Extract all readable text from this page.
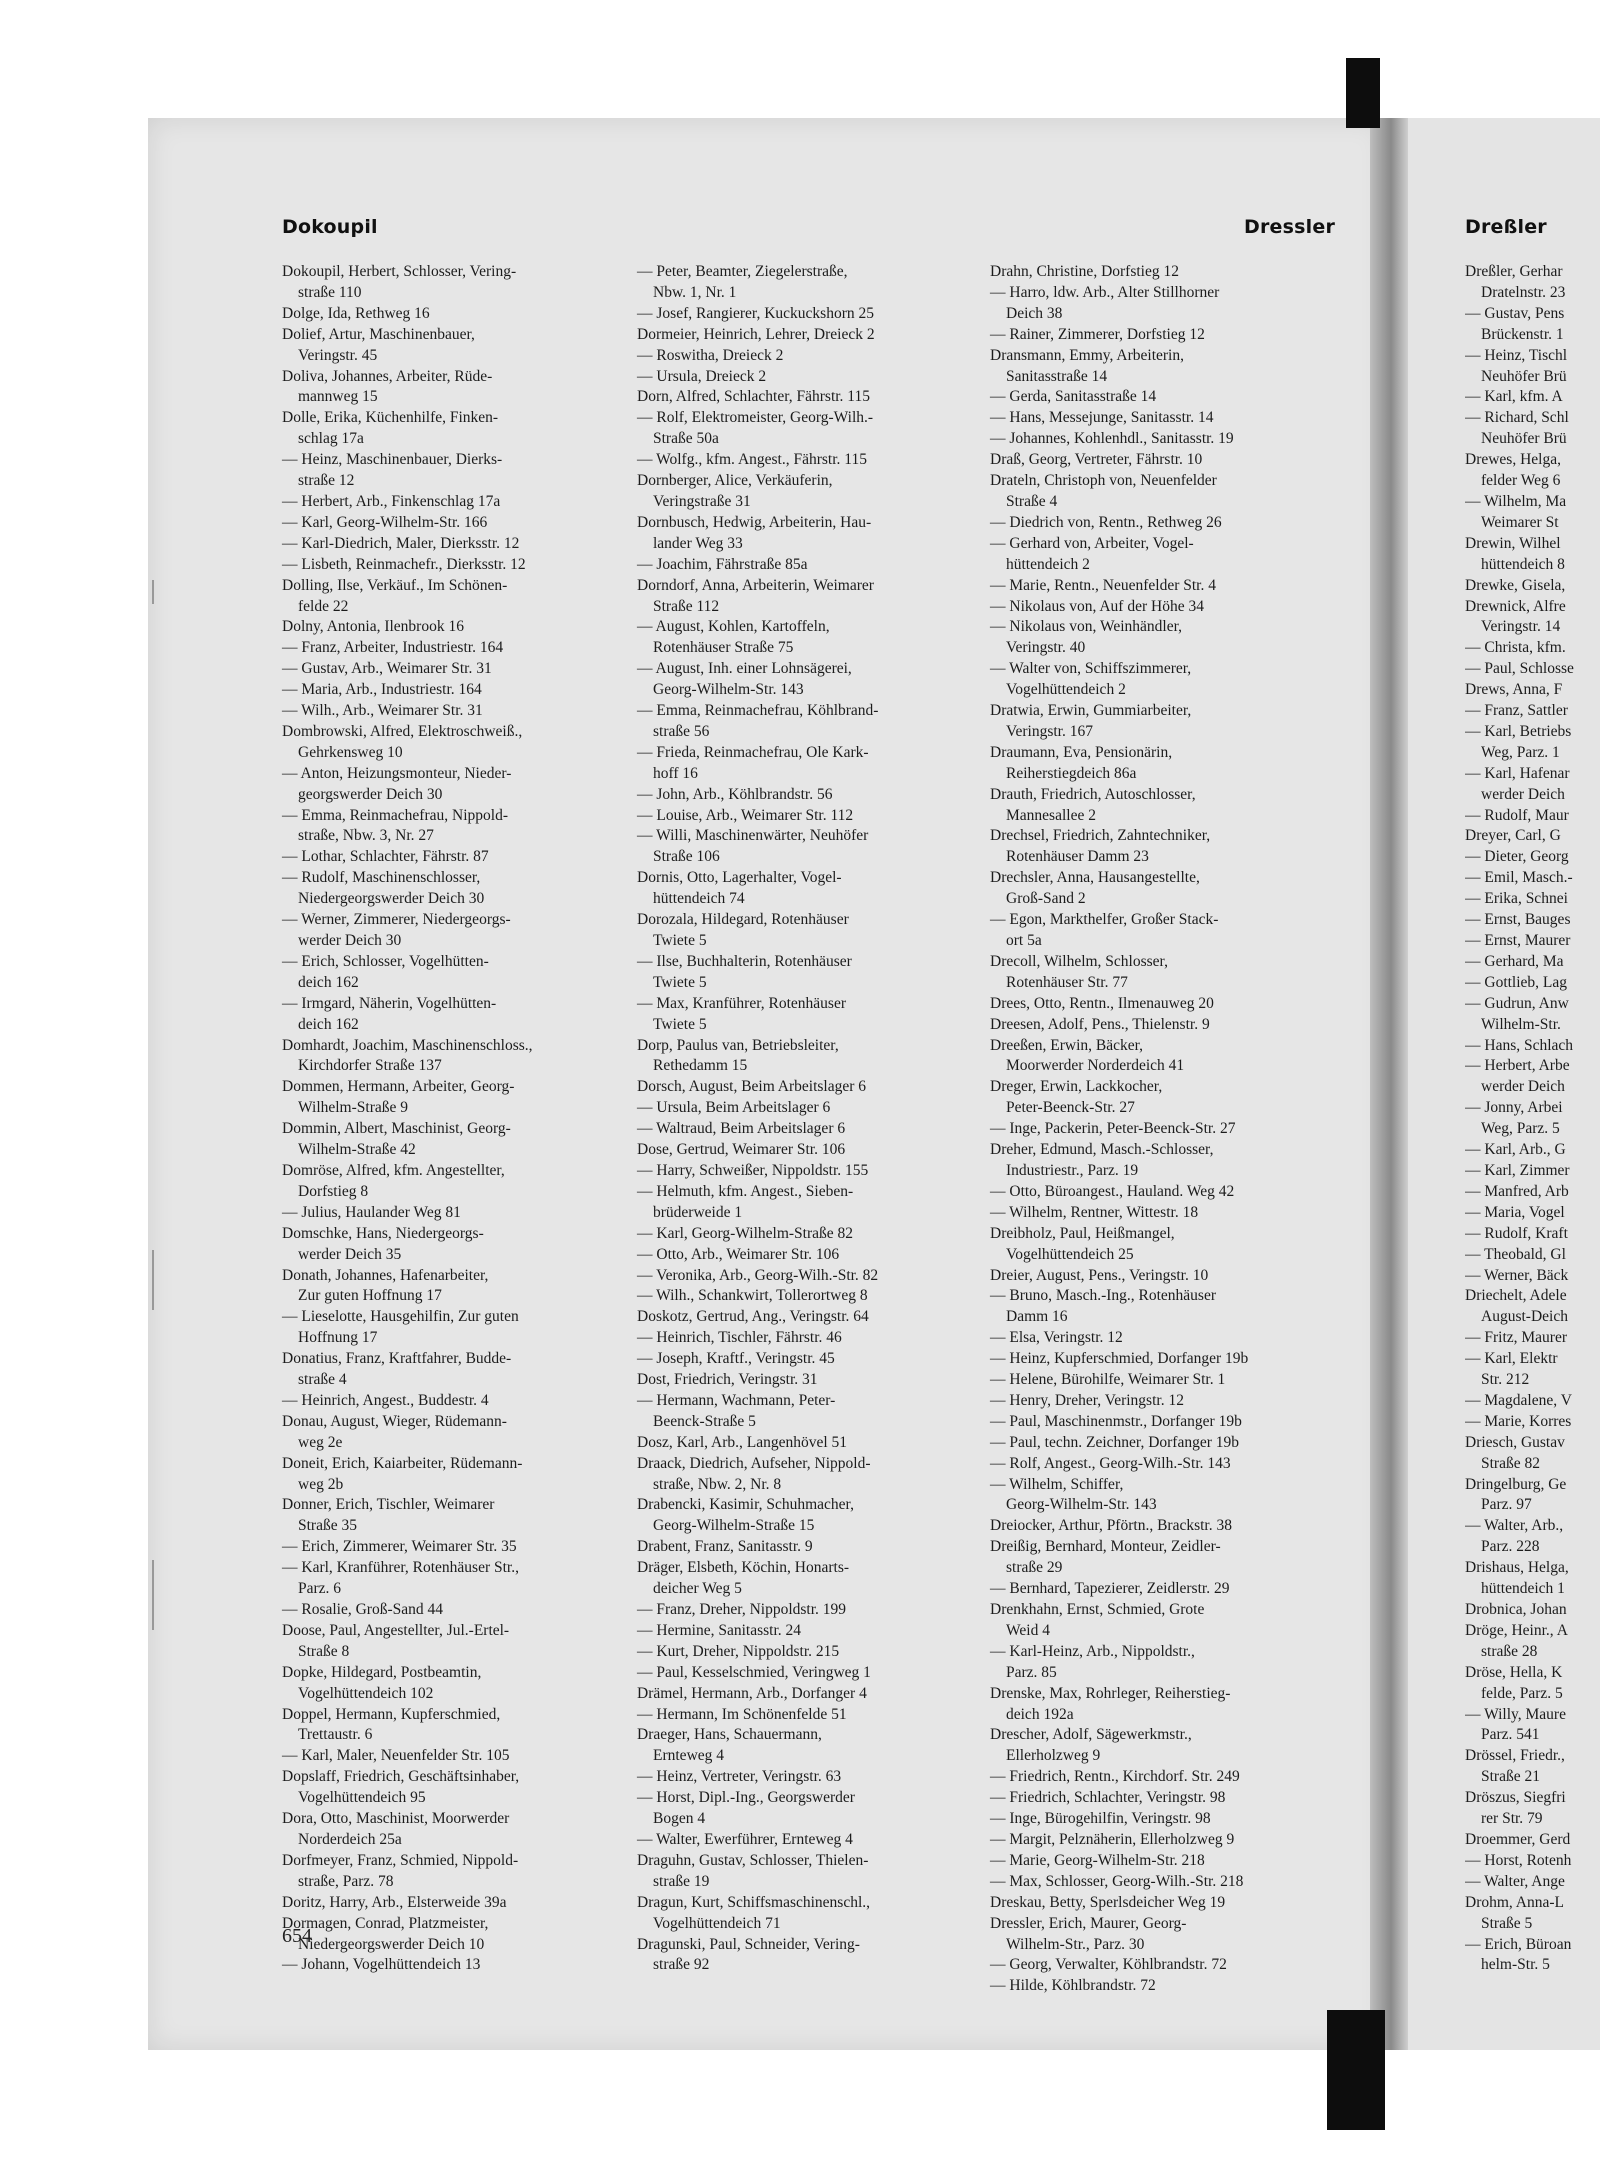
Dokoupil	Dressler	Dreßler
Dokoupil, Herbert, Schlosser, Vering-
straße 110
Dolge, Ida, Rethweg 16
Dolief, Artur, Maschinenbauer,
Veringstr. 45
Doliva, Johannes, Arbeiter, Rüde-
mannweg 15
Dolle, Erika, Küchenhilfe, Finken-
schlag 17a
— Heinz, Maschinenbauer, Dierks-
straße 12
— Herbert, Arb., Finkenschlag 17a
— Karl, Georg-Wilhelm-Str. 166
— Karl-Diedrich, Maler, Dierksstr. 12
— Lisbeth, Reinmachefr., Dierksstr. 12
Dolling, Ilse, Verkäuf., Im Schönen-
felde 22
Dolny, Antonia, Ilenbrook 16
— Franz, Arbeiter, Industriestr. 164
— Gustav, Arb., Weimarer Str. 31
— Maria, Arb., Industriestr. 164
— Wilh., Arb., Weimarer Str. 31
Dombrowski, Alfred, Elektroschweiß.,
Gehrkensweg 10
— Anton, Heizungsmonteur, Nieder-
georgswerder Deich 30
— Emma, Reinmachefrau, Nippold-
straße, Nbw. 3, Nr. 27
— Lothar, Schlachter, Fährstr. 87
— Rudolf, Maschinenschlosser,
Niedergeorgswerder Deich 30
— Werner, Zimmerer, Niedergeorgs-
werder Deich 30
— Erich, Schlosser, Vogelhütten-
deich 162
— Irmgard, Näherin, Vogelhütten-
deich 162
Domhardt, Joachim, Maschinenschloss.,
Kirchdorfer Straße 137
Dommen, Hermann, Arbeiter, Georg-
Wilhelm-Straße 9
Dommin, Albert, Maschinist, Georg-
Wilhelm-Straße 42
Domröse, Alfred, kfm. Angestellter,
Dorfstieg 8
— Julius, Haulander Weg 81
Domschke, Hans, Niedergeorgs-
werder Deich 35
Donath, Johannes, Hafenarbeiter,
Zur guten Hoffnung 17
— Lieselotte, Hausgehilfin, Zur guten
Hoffnung 17
Donatius, Franz, Kraftfahrer, Budde-
straße 4
— Heinrich, Angest., Buddestr. 4
Donau, August, Wieger, Rüdemann-
weg 2e
Doneit, Erich, Kaiarbeiter, Rüdemann-
weg 2b
Donner, Erich, Tischler, Weimarer
Straße 35
— Erich, Zimmerer, Weimarer Str. 35
— Karl, Kranführer, Rotenhäuser Str.,
Parz. 6
— Rosalie, Groß-Sand 44
Doose, Paul, Angestellter, Jul.-Ertel-
Straße 8
Dopke, Hildegard, Postbeamtin,
Vogelhüttendeich 102
Doppel, Hermann, Kupferschmied,
Trettaustr. 6
— Karl, Maler, Neuenfelder Str. 105
Dopslaff, Friedrich, Geschäftsinhaber,
Vogelhüttendeich 95
Dora, Otto, Maschinist, Moorwerder
Norderdeich 25a
Dorfmeyer, Franz, Schmied, Nippold-
straße, Parz. 78
Doritz, Harry, Arb., Elsterweide 39a
Dormagen, Conrad, Platzmeister,
Niedergeorgswerder Deich 10
— Johann, Vogelhüttendeich 13
— Peter, Beamter, Ziegelerstraße,
Nbw. 1, Nr. 1
— Josef, Rangierer, Kuckuckshorn 25
Dormeier, Heinrich, Lehrer, Dreieck 2
— Roswitha, Dreieck 2
— Ursula, Dreieck 2
Dorn, Alfred, Schlachter, Fährstr. 115
— Rolf, Elektromeister, Georg-Wilh.-
Straße 50a
— Wolfg., kfm. Angest., Fährstr. 115
Dornberger, Alice, Verkäuferin,
Veringstraße 31
Dornbusch, Hedwig, Arbeiterin, Hau-
lander Weg 33
— Joachim, Fährstraße 85a
Dorndorf, Anna, Arbeiterin, Weimarer
Straße 112
— August, Kohlen, Kartoffeln,
Rotenhäuser Straße 75
— August, Inh. einer Lohnsägerei,
Georg-Wilhelm-Str. 143
— Emma, Reinmachefrau, Köhlbrand-
straße 56
— Frieda, Reinmachefrau, Ole Kark-
hoff 16
— John, Arb., Köhlbrandstr. 56
— Louise, Arb., Weimarer Str. 112
— Willi, Maschinenwärter, Neuhöfer
Straße 106
Dornis, Otto, Lagerhalter, Vogel-
hüttendeich 74
Dorozala, Hildegard, Rotenhäuser
Twiete 5
— Ilse, Buchhalterin, Rotenhäuser
Twiete 5
— Max, Kranführer, Rotenhäuser
Twiete 5
Dorp, Paulus van, Betriebsleiter,
Rethedamm 15
Dorsch, August, Beim Arbeitslager 6
— Ursula, Beim Arbeitslager 6
— Waltraud, Beim Arbeitslager 6
Dose, Gertrud, Weimarer Str. 106
— Harry, Schweißer, Nippoldstr. 155
— Helmuth, kfm. Angest., Sieben-
brüderweide 1
— Karl, Georg-Wilhelm-Straße 82
— Otto, Arb., Weimarer Str. 106
— Veronika, Arb., Georg-Wilh.-Str. 82
— Wilh., Schankwirt, Tollerortweg 8
Doskotz, Gertrud, Ang., Veringstr. 64
— Heinrich, Tischler, Fährstr. 46
— Joseph, Kraftf., Veringstr. 45
Dost, Friedrich, Veringstr. 31
— Hermann, Wachmann, Peter-
Beenck-Straße 5
Dosz, Karl, Arb., Langenhövel 51
Draack, Diedrich, Aufseher, Nippold-
straße, Nbw. 2, Nr. 8
Drabencki, Kasimir, Schuhmacher,
Georg-Wilhelm-Straße 15
Drabent, Franz, Sanitasstr. 9
Dräger, Elsbeth, Köchin, Honarts-
deicher Weg 5
— Franz, Dreher, Nippoldstr. 199
— Hermine, Sanitasstr. 24
— Kurt, Dreher, Nippoldstr. 215
— Paul, Kesselschmied, Veringweg 1
Drämel, Hermann, Arb., Dorfanger 4
— Hermann, Im Schönenfelde 51
Draeger, Hans, Schauermann,
Ernteweg 4
— Heinz, Vertreter, Veringstr. 63
— Horst, Dipl.-Ing., Georgswerder
Bogen 4
— Walter, Ewerführer, Ernteweg 4
Draguhn, Gustav, Schlosser, Thielen-
straße 19
Dragun, Kurt, Schiffsmaschinenschl.,
Vogelhüttendeich 71
Dragunski, Paul, Schneider, Vering-
straße 92
Drahn, Christine, Dorfstieg 12
— Harro, ldw. Arb., Alter Stillhorner
Deich 38
— Rainer, Zimmerer, Dorfstieg 12
Dransmann, Emmy, Arbeiterin,
Sanitasstraße 14
— Gerda, Sanitasstraße 14
— Hans, Messejunge, Sanitasstr. 14
— Johannes, Kohlenhdl., Sanitasstr. 19
Draß, Georg, Vertreter, Fährstr. 10
Drateln, Christoph von, Neuenfelder
Straße 4
— Diedrich von, Rentn., Rethweg 26
— Gerhard von, Arbeiter, Vogel-
hüttendeich 2
— Marie, Rentn., Neuenfelder Str. 4
— Nikolaus von, Auf der Höhe 34
— Nikolaus von, Weinhändler,
Veringstr. 40
— Walter von, Schiffszimmerer,
Vogelhüttendeich 2
Dratwia, Erwin, Gummiarbeiter,
Veringstr. 167
Draumann, Eva, Pensionärin,
Reiherstiegdeich 86a
Drauth, Friedrich, Autoschlosser,
Mannesallee 2
Drechsel, Friedrich, Zahntechniker,
Rotenhäuser Damm 23
Drechsler, Anna, Hausangestellte,
Groß-Sand 2
— Egon, Markthelfer, Großer Stack-
ort 5a
Drecoll, Wilhelm, Schlosser,
Rotenhäuser Str. 77
Drees, Otto, Rentn., Ilmenauweg 20
Dreesen, Adolf, Pens., Thielenstr. 9
Dreeßen, Erwin, Bäcker,
Moorwerder Norderdeich 41
Dreger, Erwin, Lackkocher,
Peter-Beenck-Str. 27
— Inge, Packerin, Peter-Beenck-Str. 27
Dreher, Edmund, Masch.-Schlosser,
Industriestr., Parz. 19
— Otto, Büroangest., Hauland. Weg 42
— Wilhelm, Rentner, Wittestr. 18
Dreibholz, Paul, Heißmangel,
Vogelhüttendeich 25
Dreier, August, Pens., Veringstr. 10
— Bruno, Masch.-Ing., Rotenhäuser
Damm 16
— Elsa, Veringstr. 12
— Heinz, Kupferschmied, Dorfanger 19b
— Helene, Bürohilfe, Weimarer Str. 1
— Henry, Dreher, Veringstr. 12
— Paul, Maschinenmstr., Dorfanger 19b
— Paul, techn. Zeichner, Dorfanger 19b
— Rolf, Angest., Georg-Wilh.-Str. 143
— Wilhelm, Schiffer,
Georg-Wilhelm-Str. 143
Dreiocker, Arthur, Pförtn., Brackstr. 38
Dreißig, Bernhard, Monteur, Zeidler-
straße 29
— Bernhard, Tapezierer, Zeidlerstr. 29
Drenkhahn, Ernst, Schmied, Grote
Weid 4
— Karl-Heinz, Arb., Nippoldstr.,
Parz. 85
Drenske, Max, Rohrleger, Reiherstieg-
deich 192a
Drescher, Adolf, Sägewerkmstr.,
Ellerholzweg 9
— Friedrich, Rentn., Kirchdorf. Str. 249
— Friedrich, Schlachter, Veringstr. 98
— Inge, Bürogehilfin, Veringstr. 98
— Margit, Pelznäherin, Ellerholzweg 9
— Marie, Georg-Wilhelm-Str. 218
— Max, Schlosser, Georg-Wilh.-Str. 218
Dreskau, Betty, Sperlsdeicher Weg 19
Dressler, Erich, Maurer, Georg-
Wilhelm-Str., Parz. 30
— Georg, Verwalter, Köhlbrandstr. 72
— Hilde, Köhlbrandstr. 72
Dreßler, Gerhar
Dratelnstr. 23
— Gustav, Pens
Brückenstr. 1
— Heinz, Tischl
Neuhöfer Brü
— Karl, kfm. A
— Richard, Schl
Neuhöfer Brü
Drewes, Helga,
felder Weg 6
— Wilhelm, Ma
Weimarer St
Drewin, Wilhel
hüttendeich 8
Drewke, Gisela,
Drewnick, Alfre
Veringstr. 14
— Christa, kfm.
— Paul, Schlosse
Drews, Anna, F
— Franz, Sattler
— Karl, Betriebs
Weg, Parz. 1
— Karl, Hafenar
werder Deich
— Rudolf, Maur
Dreyer, Carl, G
— Dieter, Georg
— Emil, Masch.-
— Erika, Schnei
— Ernst, Bauges
— Ernst, Maurer
— Gerhard, Ma
— Gottlieb, Lag
— Gudrun, Anw
Wilhelm-Str.
— Hans, Schlach
— Herbert, Arbe
werder Deich
— Jonny, Arbei
Weg, Parz. 5
— Karl, Arb., G
— Karl, Zimmer
— Manfred, Arb
— Maria, Vogel
— Rudolf, Kraft
— Theobald, Gl
— Werner, Bäck
Driechelt, Adele
August-Deich
— Fritz, Maurer
— Karl, Elektr
Str. 212
— Magdalene, V
— Marie, Korres
Driesch, Gustav
Straße 82
Dringelburg, Ge
Parz. 97
— Walter, Arb.,
Parz. 228
Drishaus, Helga,
hüttendeich 1
Drobnica, Johan
Dröge, Heinr., A
straße 28
Dröse, Hella, K
felde, Parz. 5
— Willy, Maure
Parz. 541
Drössel, Friedr.,
Straße 21
Dröszus, Siegfri
rer Str. 79
Droemmer, Gerd
— Horst, Rotenh
— Walter, Ange
Drohm, Anna-L
Straße 5
— Erich, Büroan
helm-Str. 5
654
